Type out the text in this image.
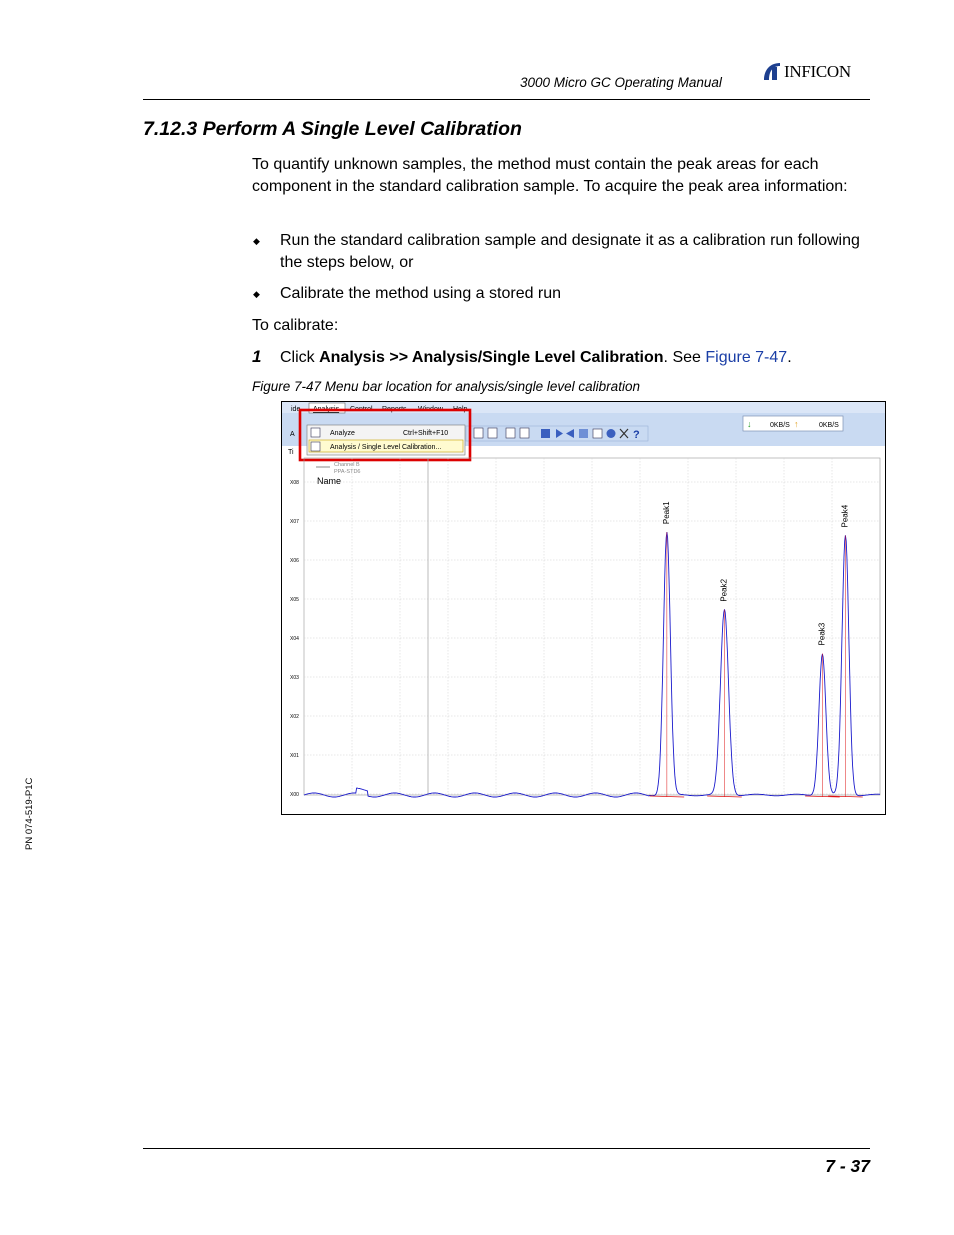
3000 Micro GC Operating Manual
INFICON
7.12.3 Perform A Single Level Calibration
To quantify unknown samples, the method must contain the peak areas for each component in the standard calibration sample. To acquire the peak area information:
◆ Run the standard calibration sample and designate it as a calibration run following the steps below, or
◆ Calibrate the method using a stored run
To calibrate:
1 Click Analysis >> Analysis/Single Level Calibration. See Figure 7-47.
Figure 7-47 Menu bar location for analysis/single level calibration
ide Analysis Control Reports Window Help
A
Ti
?
↓	0KB/S ↑	0KB/S
Analyze	Ctrl+Shift+F10
Analysis / Single Level Calibration...
X08
X07
X06
X05
X04
X03
X02
X01
X00
Peak1
Peak2
Peak3
Peak4
Channel B
PPA-STD6
Name
PN 074-519-P1C
7 - 37
